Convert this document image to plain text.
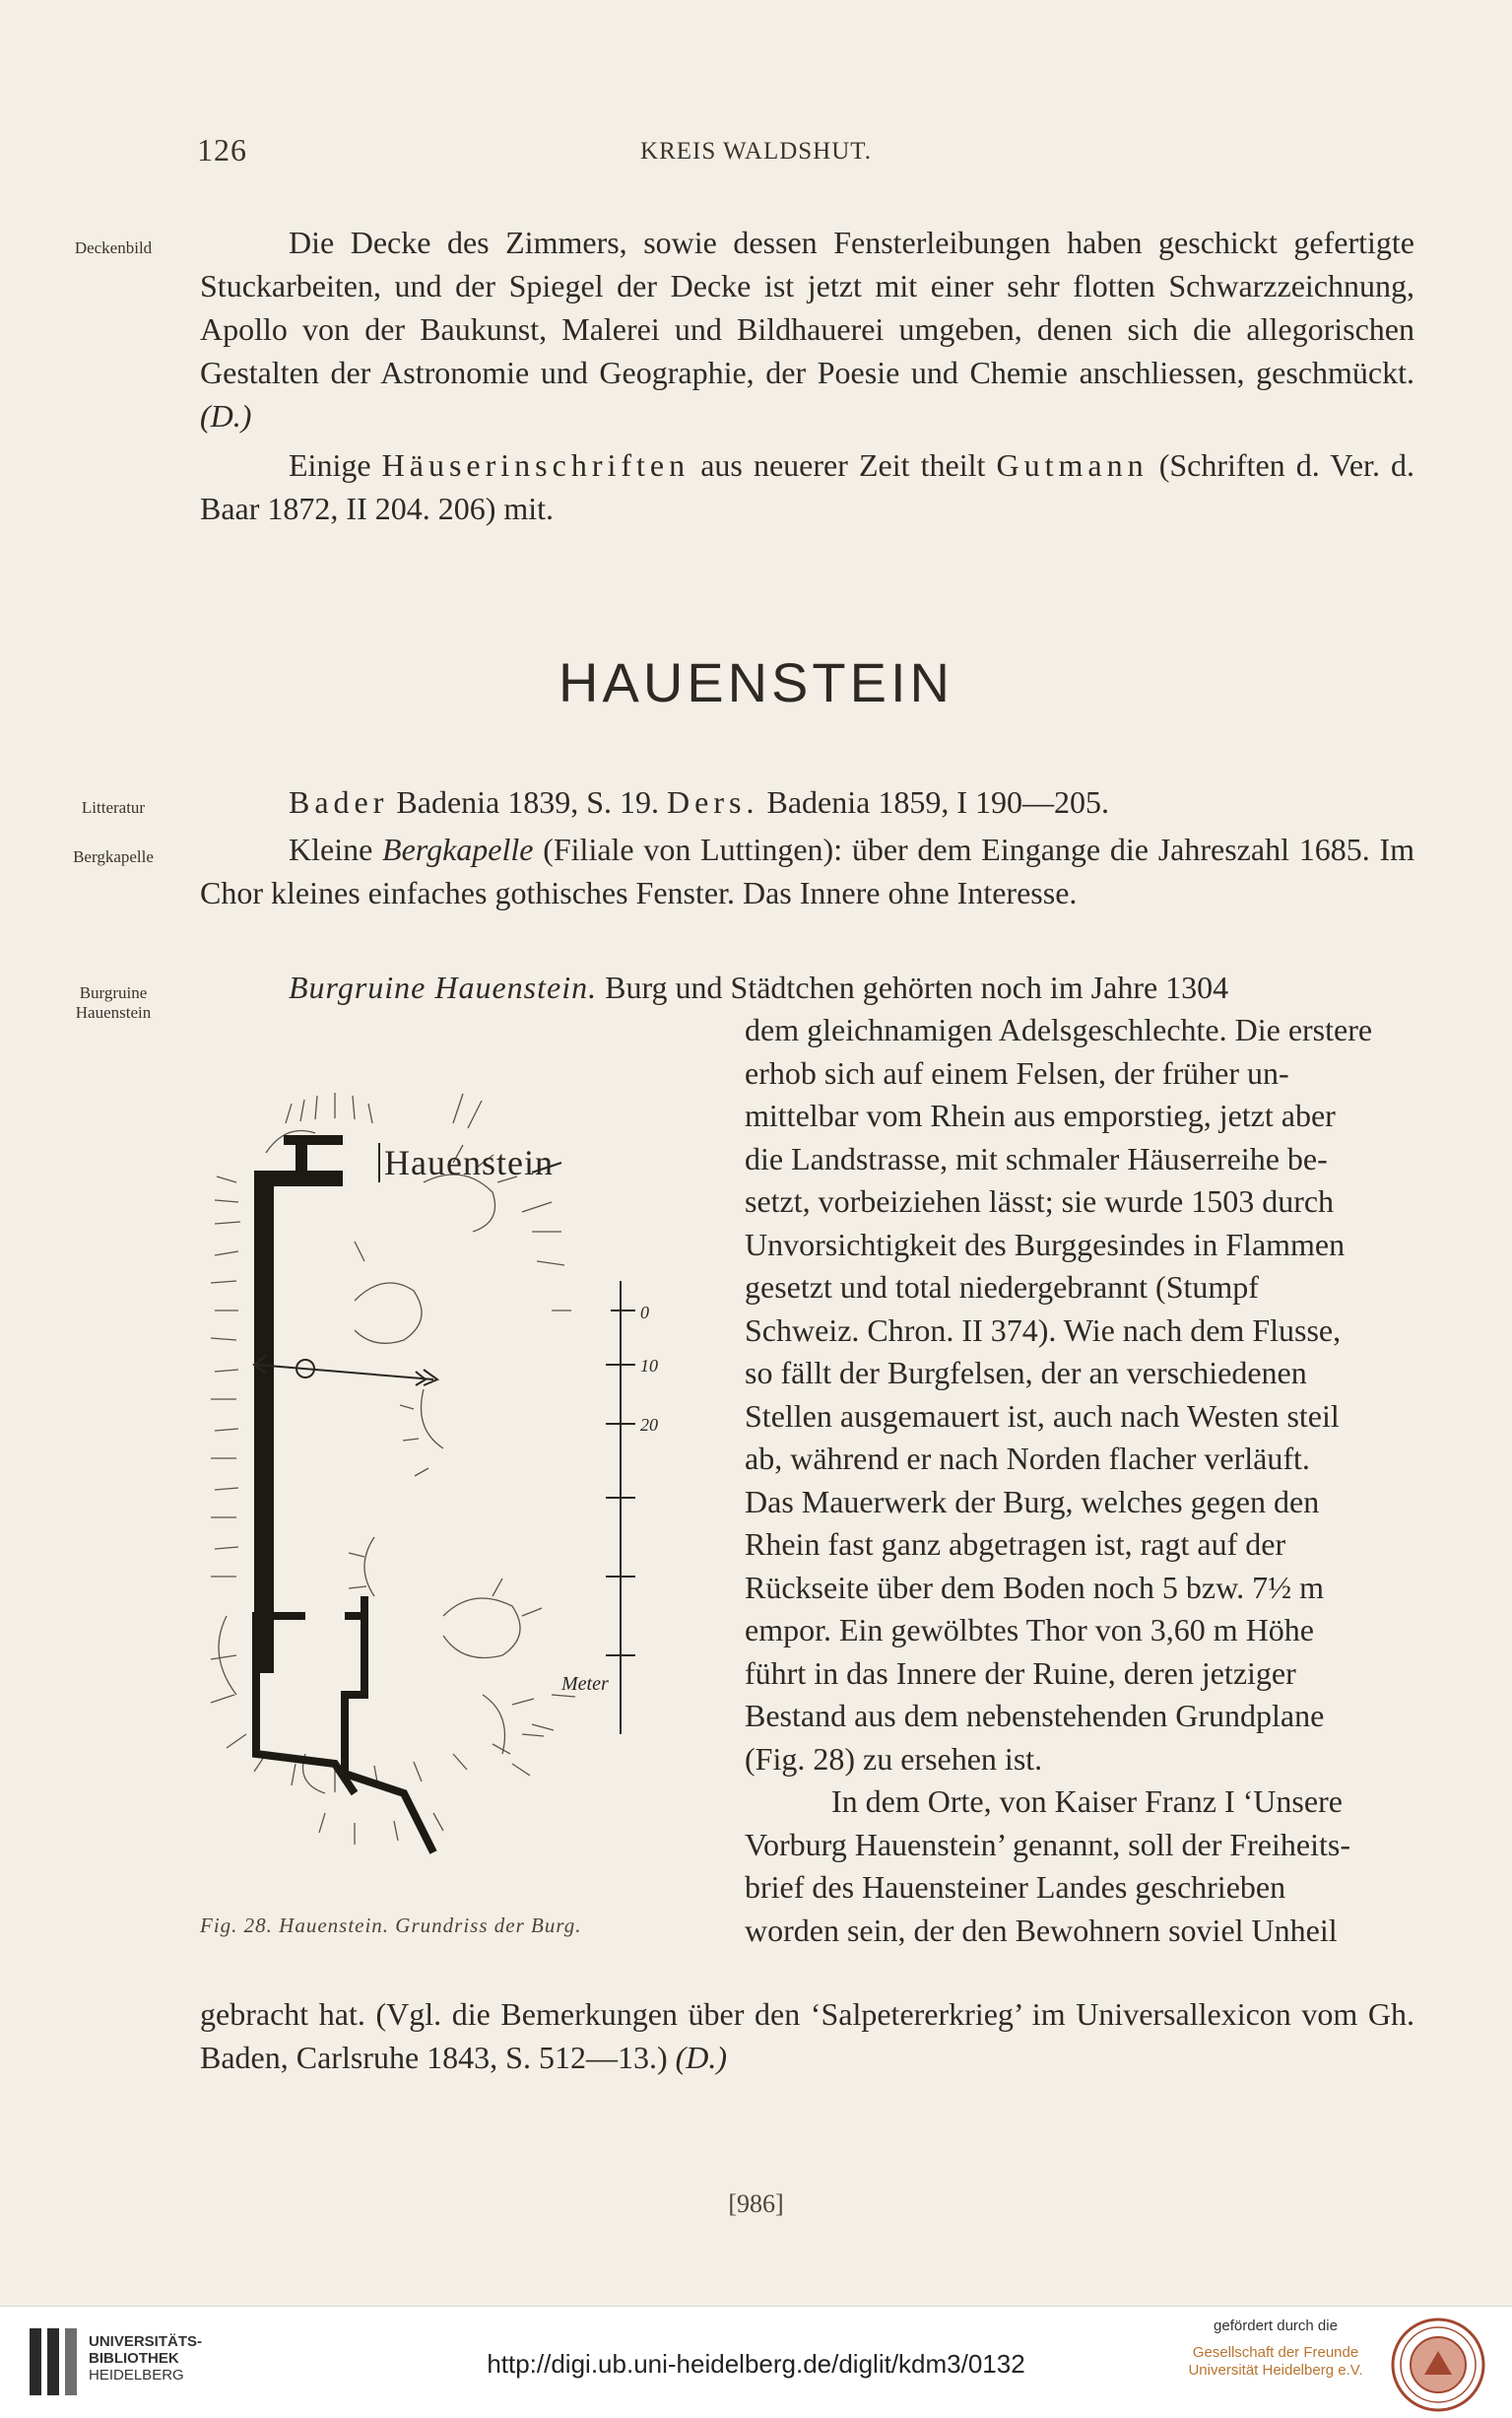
126	KREIS WALDSHUT.
Deckenbild
Litteratur
Bergkapelle
Burgruine
Hauenstein
Die Decke des Zimmers, sowie dessen Fensterleibungen haben geschickt gefertigte Stuckarbeiten, und der Spiegel der Decke ist jetzt mit einer sehr flotten Schwarzzeichnung, Apollo von der Baukunst, Malerei und Bildhauerei umgeben, denen sich die allegorischen Gestalten der Astronomie und Geographie, der Poesie und Chemie anschliessen, geschmückt. (D.)
Einige Häuserinschriften aus neuerer Zeit theilt Gutmann (Schriften d. Ver. d. Baar 1872, II 204. 206) mit.
HAUENSTEIN
Bader Badenia 1839, S. 19. Ders. Badenia 1859, I 190—205.
Kleine Bergkapelle (Filiale von Luttingen): über dem Eingange die Jahreszahl 1685. Im Chor kleines einfaches gothisches Fenster. Das Innere ohne Interesse.
Burgruine Hauenstein. Burg und Städtchen gehörten noch im Jahre 1304
dem gleichnamigen Adelsgeschlechte. Die erstere
erhob sich auf einem Felsen, der früher un-
mittelbar vom Rhein aus emporstieg, jetzt aber
die Landstrasse, mit schmaler Häuserreihe be-
setzt, vorbeiziehen lässt; sie wurde 1503 durch
Unvorsichtigkeit des Burggesindes in Flammen
gesetzt und total niedergebrannt (Stumpf
Schweiz. Chron. II 374). Wie nach dem Flusse,
so fällt der Burgfelsen, der an verschiedenen
Stellen ausgemauert ist, auch nach Westen steil
ab, während er nach Norden flacher verläuft.
Das Mauerwerk der Burg, welches gegen den
Rhein fast ganz abgetragen ist, ragt auf der
Rückseite über dem Boden noch 5 bzw. 7½ m
empor. Ein gewölbtes Thor von 3,60 m Höhe
führt in das Innere der Ruine, deren jetziger
Bestand aus dem nebenstehenden Grundplane
(Fig. 28) zu ersehen ist.
In dem Orte, von Kaiser Franz I ‘Unsere
Vorburg Hauenstein’ genannt, soll der Freiheits-
brief des Hauensteiner Landes geschrieben
worden sein, der den Bewohnern soviel Unheil
gebracht hat. (Vgl. die Bemerkungen über den ‘Salpetererkrieg’ im Universallexicon vom Gh. Baden, Carlsruhe 1843, S. 512—13.) (D.)
Hauenstein
0
10
20
Meter
Fig. 28. Hauenstein. Grundriss der Burg.
[986]
UNIVERSITÄTS-
BIBLIOTHEK
HEIDELBERG	http://digi.ub.uni-heidelberg.de/diglit/kdm3/0132
gefördert durch die
Gesellschaft der Freunde
Universität Heidelberg e.V.
